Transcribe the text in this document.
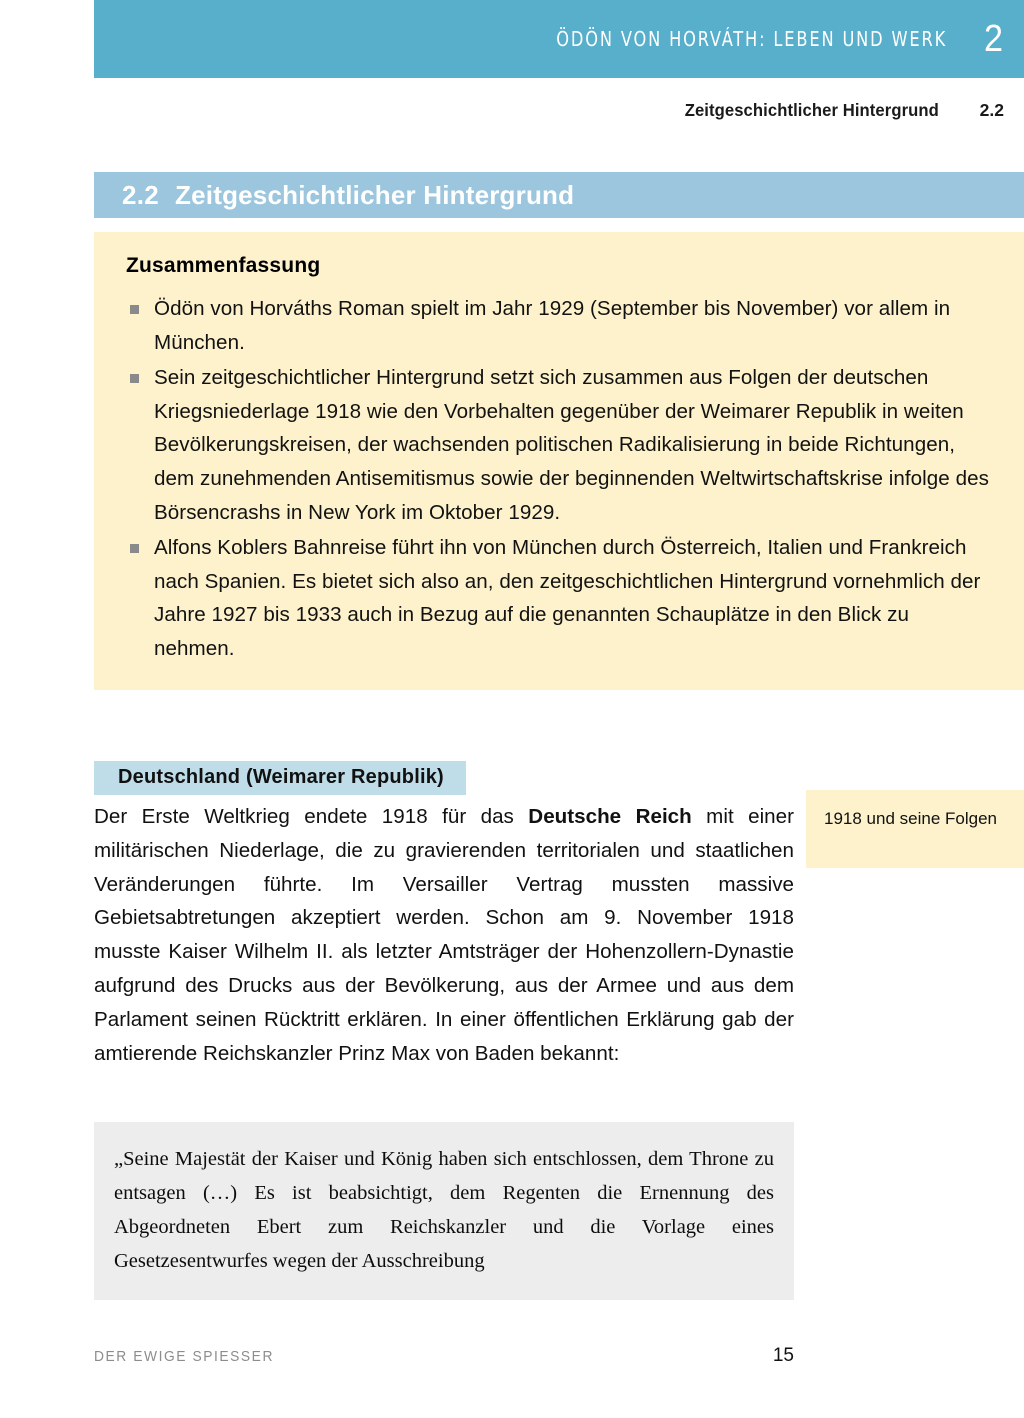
ÖDÖN VON HORVÁTH: LEBEN UND WERK 2
Zeitgeschichtlicher Hintergrund 2.2
2.2 Zeitgeschichtlicher Hintergrund
Zusammenfassung
Ödön von Horváths Roman spielt im Jahr 1929 (September bis November) vor allem in München.
Sein zeitgeschichtlicher Hintergrund setzt sich zusammen aus Folgen der deutschen Kriegsniederlage 1918 wie den Vorbehalten gegenüber der Weimarer Republik in weiten Bevölkerungskreisen, der wachsenden politischen Radikalisierung in beide Richtungen, dem zunehmenden Antisemitismus sowie der beginnenden Weltwirtschaftskrise infolge des Börsencrashs in New York im Oktober 1929.
Alfons Koblers Bahnreise führt ihn von München durch Österreich, Italien und Frankreich nach Spanien. Es bietet sich also an, den zeitgeschichtlichen Hintergrund vornehmlich der Jahre 1927 bis 1933 auch in Bezug auf die genannten Schauplätze in den Blick zu nehmen.
Deutschland (Weimarer Republik)

Der Erste Weltkrieg endete 1918 für das Deutsche Reich mit einer militärischen Niederlage, die zu gravierenden territorialen und staatlichen Veränderungen führte. Im Versailler Vertrag mussten massive Gebietsabtretungen akzeptiert werden. Schon am 9. November 1918 musste Kaiser Wilhelm II. als letzter Amtsträger der Hohenzollern-Dynastie aufgrund des Drucks aus der Bevölkerung, aus der Armee und aus dem Parlament seinen Rücktritt erklären. In einer öffentlichen Erklärung gab der amtierende Reichskanzler Prinz Max von Baden bekannt:

1918 und seine Folgen

„Seine Majestät der Kaiser und König haben sich entschlossen, dem Throne zu entsagen (…) Es ist beabsichtigt, dem Regenten die Ernennung des Abgeordneten Ebert zum Reichskanzler und die Vorlage eines Gesetzesentwurfes wegen der Ausschreibung

DER EWIGE SPIESSER	15
